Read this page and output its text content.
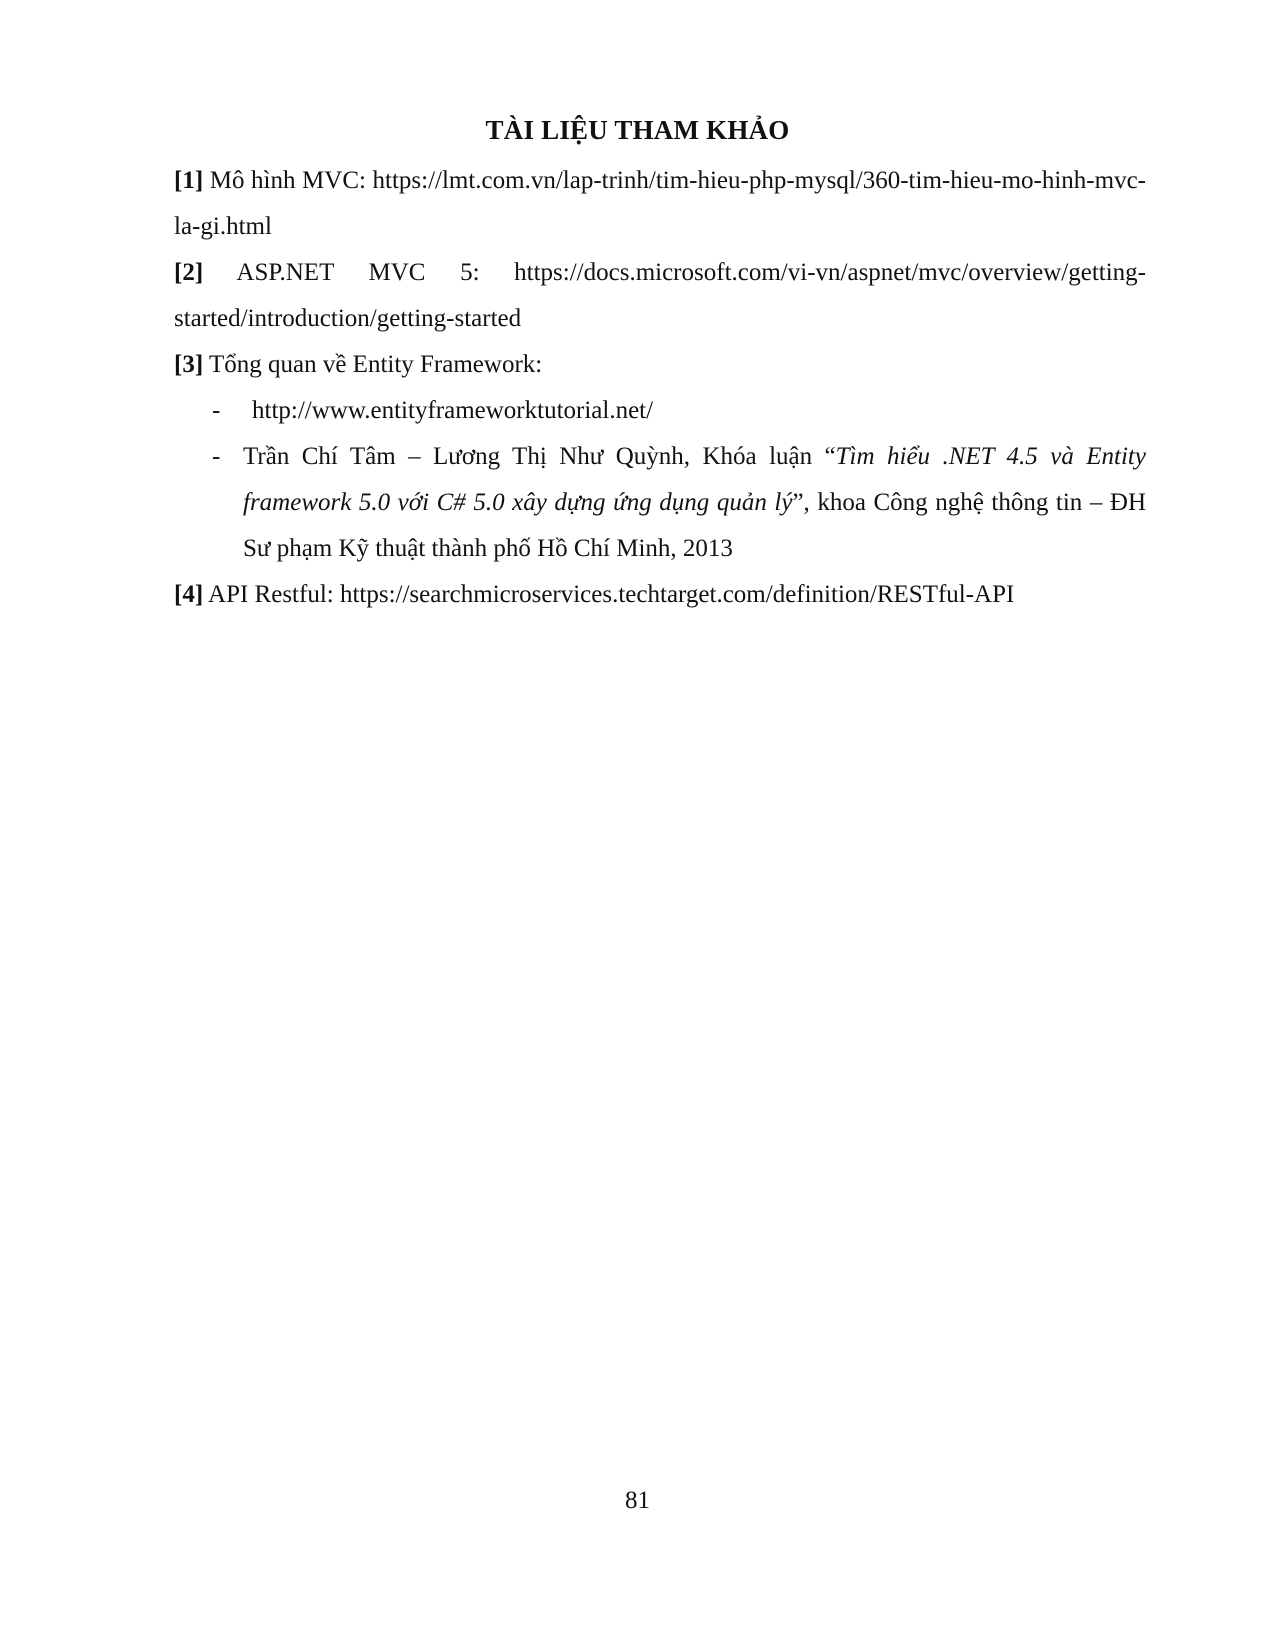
TÀI LIỆU THAM KHẢO

[1] Mô hình MVC: https://lmt.com.vn/lap-trinh/tim-hieu-php-mysql/360-tim-hieu-mo-hinh-mvc-la-gi.html

[2] ASP.NET MVC 5: https://docs.microsoft.com/vi-vn/aspnet/mvc/overview/getting-started/introduction/getting-started

[3] Tổng quan về Entity Framework:

- http://www.entityframeworktutorial.net/
- Trần Chí Tâm – Lương Thị Như Quỳnh, Khóa luận “Tìm hiểu .NET 4.5 và Entity framework 5.0 với C# 5.0 xây dựng ứng dụng quản lý”, khoa Công nghệ thông tin – ĐH Sư phạm Kỹ thuật thành phố Hồ Chí Minh, 2013

[4] API Restful: https://searchmicroservices.techtarget.com/definition/RESTful-API

81
